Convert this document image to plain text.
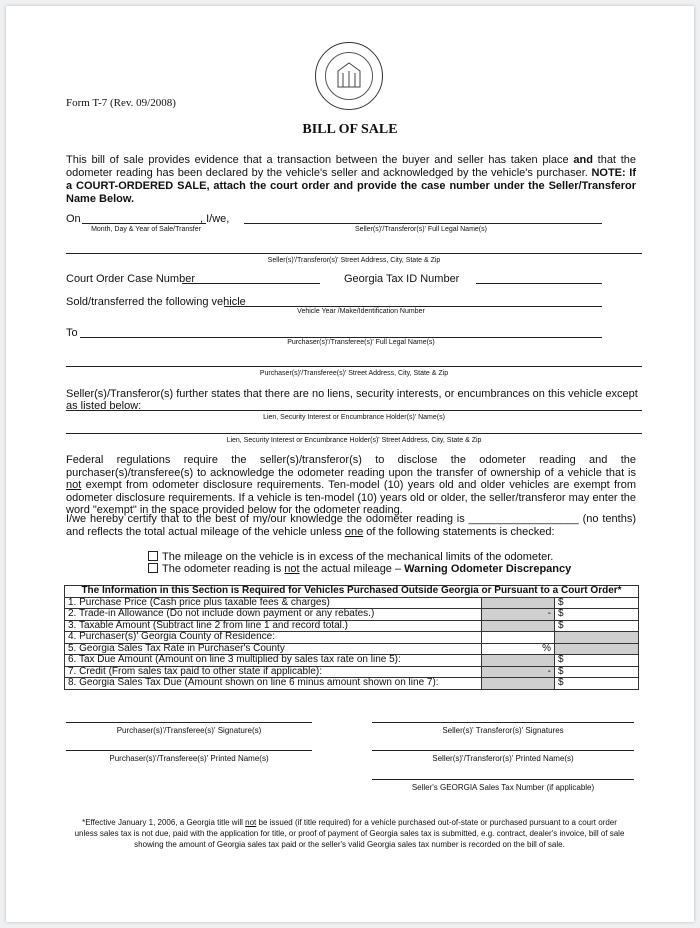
Form T-7 (Rev. 09/2008)
BILL OF SALE
This bill of sale provides evidence that a transaction between the buyer and seller has taken place and that the odometer reading has been declared by the vehicle's seller and acknowledged by the vehicle's purchaser. NOTE: If a COURT-ORDERED SALE, attach the court order and provide the case number under the Seller/Transferor Name Below.
On	, I/we,
Month, Day & Year of Sale/Transfer	Seller(s)'/Transferor(s)' Full Legal Name(s)
Seller(s)'/Transferor(s)' Street Address, City, State & Zip
Court Order Case Number	Georgia Tax ID Number
Sold/transferred the following vehicle
Vehicle Year /Make/Identification Number
To
Purchaser(s)'/Transferee(s)' Full Legal Name(s)
Purchaser(s)'/Transferee(s)' Street Address, City, State & Zip
Seller(s)/Transferor(s) further states that there are no liens, security interests, or encumbrances on this vehicle except as listed below:
Lien, Security Interest or Encumbrance Holder(s)' Name(s)
Lien, Security Interest or Encumbrance Holder(s)' Street Address, City, State & Zip
Federal regulations require the seller(s)/transferor(s) to disclose the odometer reading and the purchaser(s)/transferee(s) to acknowledge the odometer reading upon the transfer of ownership of a vehicle that is not exempt from odometer disclosure requirements. Ten-model (10) years old and older vehicles are exempt from odometer disclosure requirements. If a vehicle is ten-model (10) years old or older, the seller/transferor may enter the word "exempt" in the space provided below for the odometer reading.
I/we hereby certify that to the best of my/our knowledge the odometer reading is __________________ (no tenths) and reflects the total actual mileage of the vehicle unless one of the following statements is checked:
The mileage on the vehicle is in excess of the mechanical limits of the odometer.
The odometer reading is not the actual mileage – Warning Odometer Discrepancy
The Information in this Section is Required for Vehicles Purchased Outside Georgia or Pursuant to a Court Order*		
1. Purchase Price (Cash price plus taxable fees & charges)		$
2. Trade-in Allowance (Do not include down payment or any rebates.)	-	$
3. Taxable Amount (Subtract line 2 from line 1 and record total.)		$
4. Purchaser(s)' Georgia County of Residence:		
5. Georgia Sales Tax Rate in Purchaser's County	%	
6. Tax Due Amount (Amount on line 3 multiplied by sales tax rate on line 5):		$
7. Credit (From sales tax paid to other state if applicable):	-	$
8. Georgia Sales Tax Due (Amount shown on line 6 minus amount shown on line 7):		$
Purchaser(s)'/Transferee(s)' Signature(s)	Seller(s)' Transferor(s)' Signatures
Purchaser(s)'/Transferee(s)' Printed Name(s)	Seller(s)'/Transferor(s)' Printed Name(s)
Seller's GEORGIA Sales Tax Number (if applicable)
*Effective January 1, 2006, a Georgia title will not be issued (if title required) for a vehicle purchased out-of-state or purchased pursuant to a court order unless sales tax is not due, paid with the application for title, or proof of payment of Georgia sales tax is submitted, e.g. contract, dealer's invoice, bill of sale showing the amount of Georgia sales tax paid or the seller's valid Georgia sales tax number is recorded on the bill of sale.
